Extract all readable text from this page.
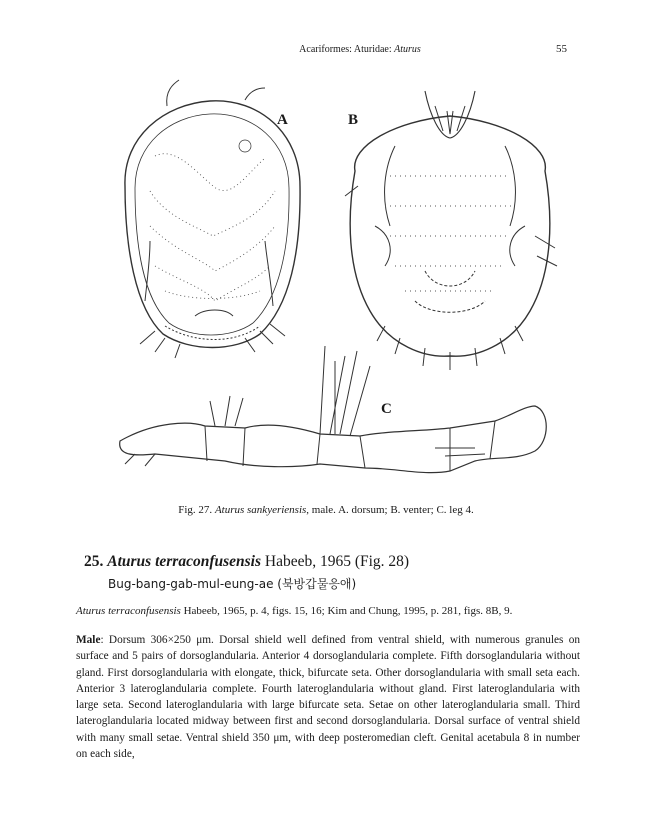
Acariformes: Aturidae: Aturus	55
A	B
C
Fig. 27. Aturus sankyeriensis, male. A. dorsum; B. venter; C. leg 4.
25. Aturus terraconfusensis Habeeb, 1965 (Fig. 28)
Bug-bang-gab-mul-eung-ae (북방갑물응애)
Aturus terraconfusensis Habeeb, 1965, p. 4, figs. 15, 16; Kim and Chung, 1995, p. 281, figs. 8B, 9.
Male: Dorsum 306×250 μm. Dorsal shield well defined from ventral shield, with numerous granules on surface and 5 pairs of dorsoglandularia. Anterior 4 dorsoglandularia complete. Fifth dorsoglandularia without gland. First dorsoglandularia with elongate, thick, bifurcate seta. Other dorsoglandularia with small seta each. Anterior 3 lateroglandularia complete. Fourth lateroglandularia without gland. First lateroglandularia with large seta. Second lateroglandularia with large bifurcate seta. Setae on other lateroglandularia small. Third lateroglandularia located midway between first and second dorsoglandularia. Dorsal surface of ventral shield with many small setae. Ventral shield 350 μm, with deep posteromedian cleft. Genital acetabula 8 in number on each side,
